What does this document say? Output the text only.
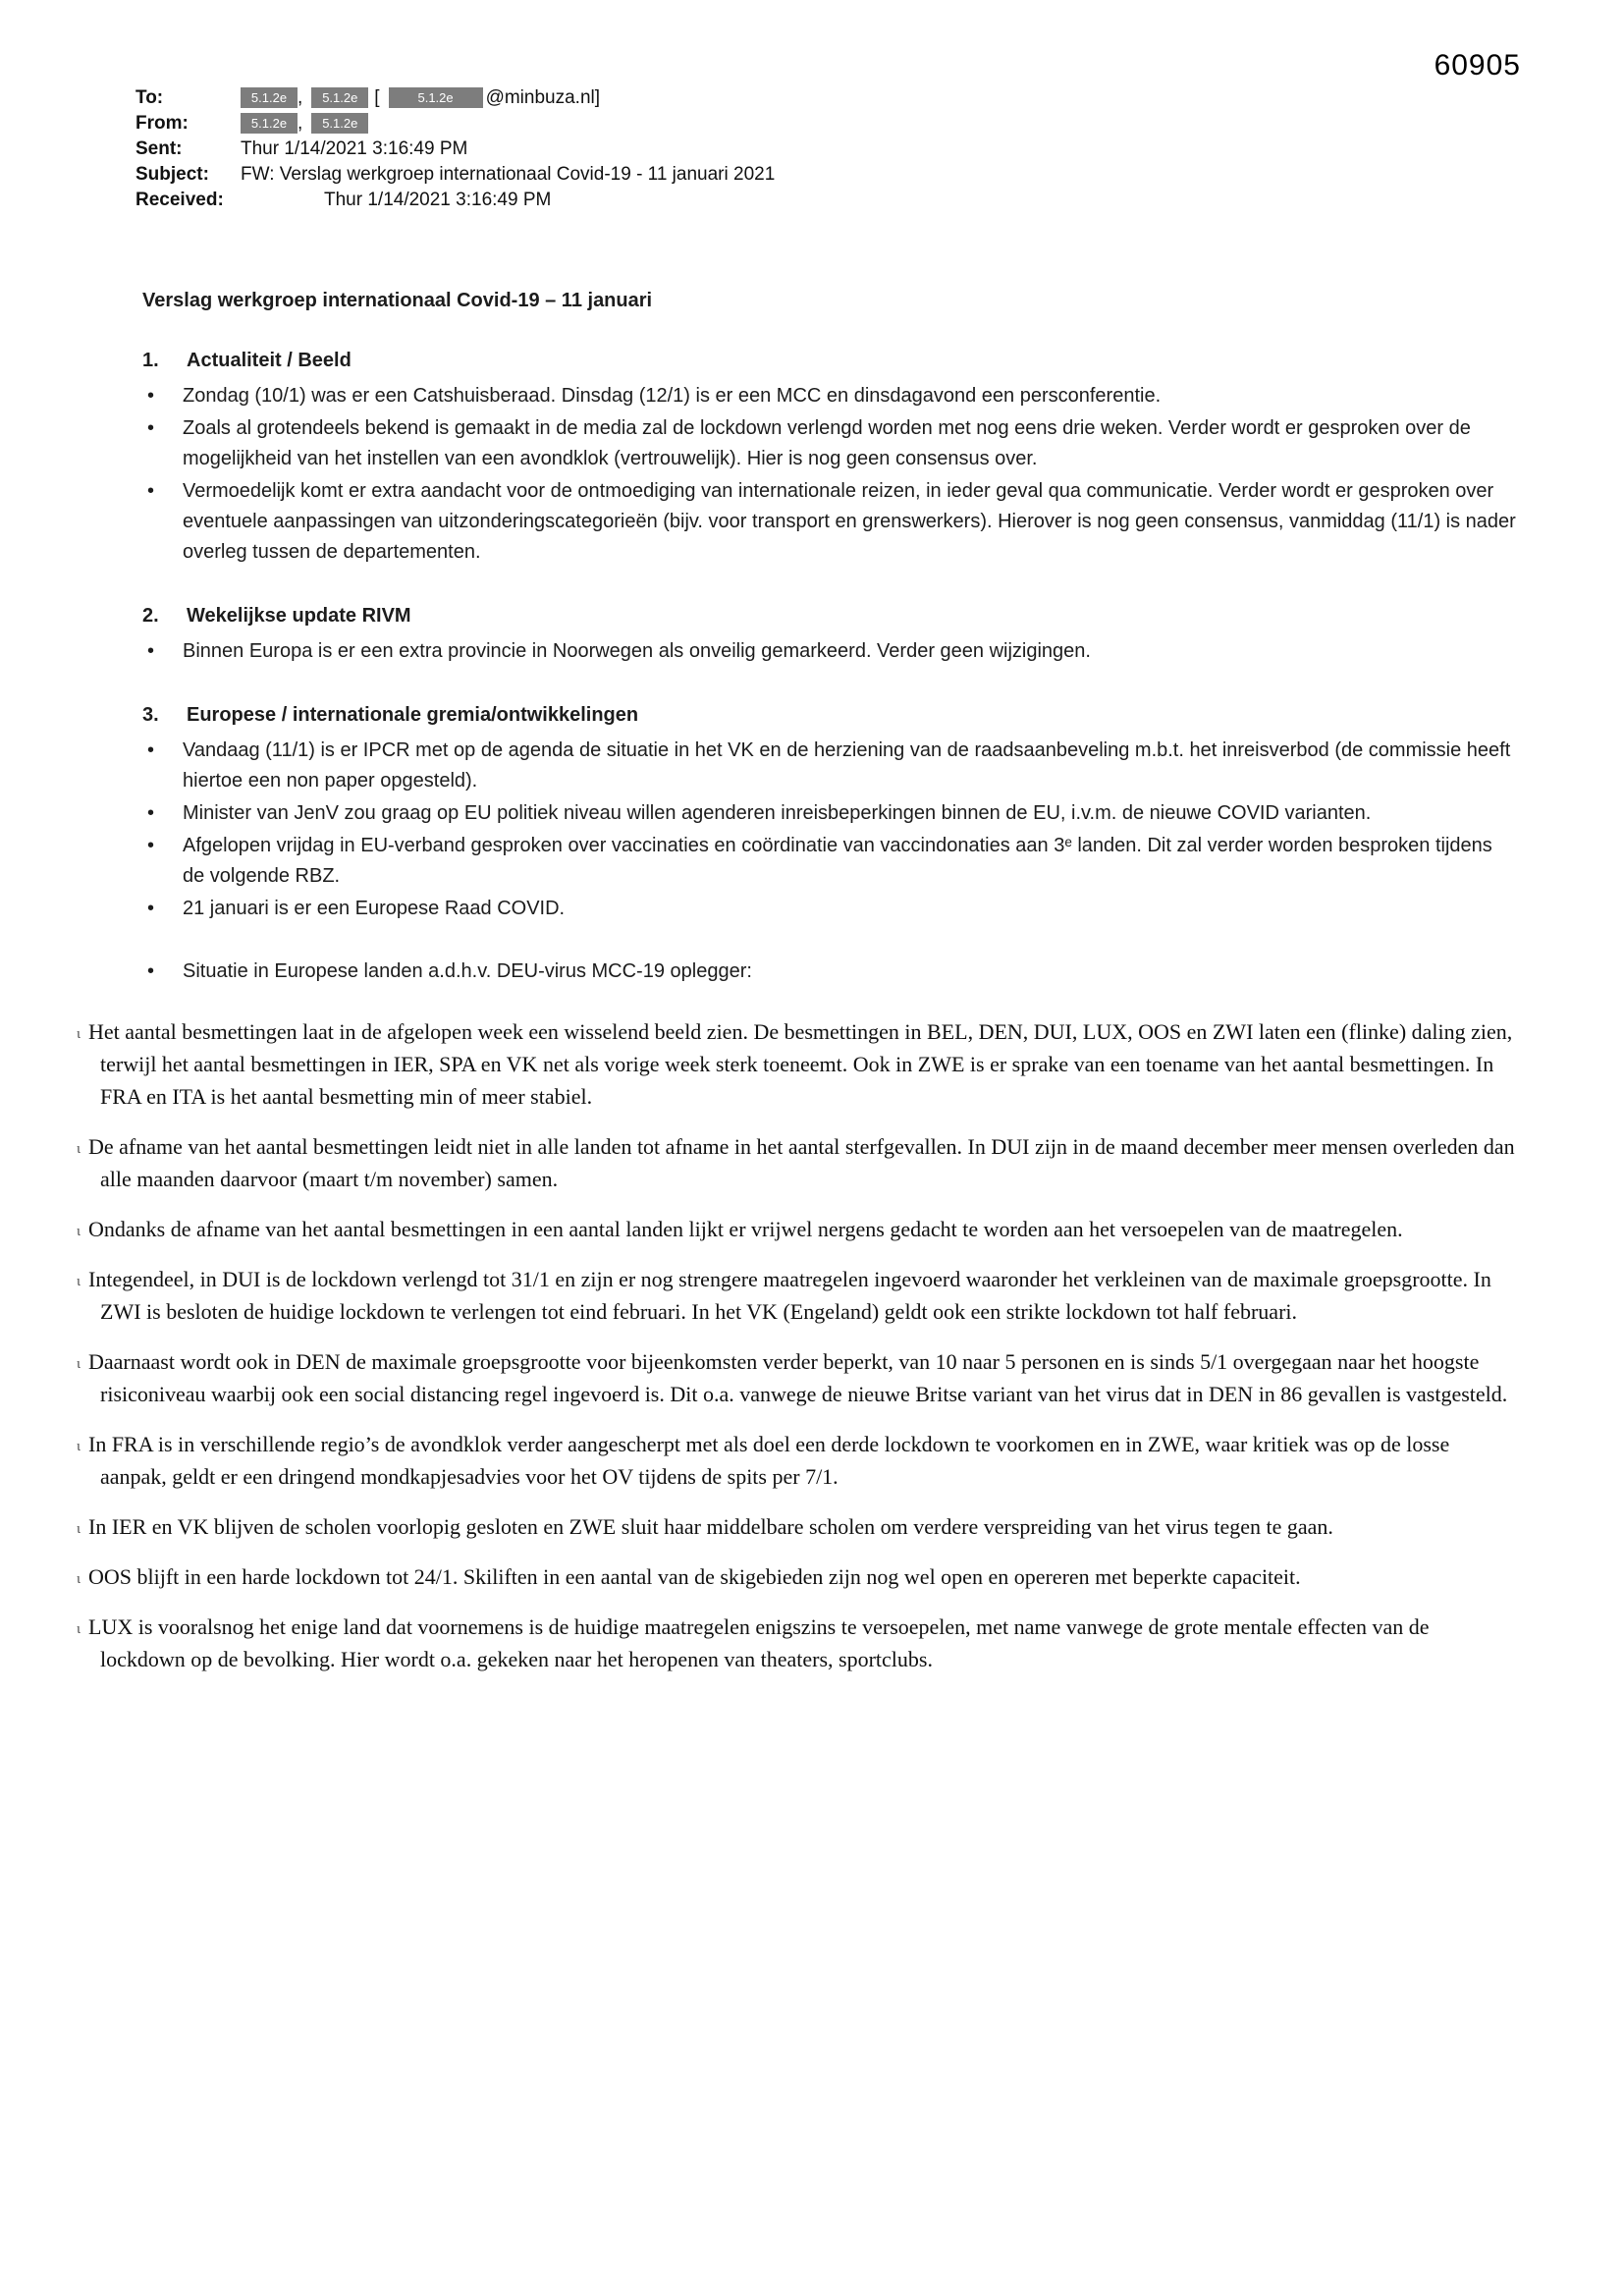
60905
To:	5.1.2e , 5.1.2e [	5.1.2e @minbuza.nl]
From:	5.1.2e , 5.1.2e
Sent:	Thur 1/14/2021 3:16:49 PM
Subject:	FW: Verslag werkgroep internationaal Covid-19 - 11 januari 2021
Received:	Thur 1/14/2021 3:16:49 PM
Verslag werkgroep internationaal Covid-19 – 11 januari
1.	Actualiteit / Beeld
• Zondag (10/1) was er een Catshuisberaad. Dinsdag (12/1) is er een MCC en dinsdagavond een persconferentie.
• Zoals al grotendeels bekend is gemaakt in de media zal de lockdown verlengd worden met nog eens drie weken. Verder wordt er gesproken over de mogelijkheid van het instellen van een avondklok (vertrouwelijk). Hier is nog geen consensus over.
• Vermoedelijk komt er extra aandacht voor de ontmoediging van internationale reizen, in ieder geval qua communicatie. Verder wordt er gesproken over eventuele aanpassingen van uitzonderingscategorieën (bijv. voor transport en grenswerkers). Hierover is nog geen consensus, vanmiddag (11/1) is nader overleg tussen de departementen.
2.	Wekelijkse update RIVM
• Binnen Europa is er een extra provincie in Noorwegen als onveilig gemarkeerd. Verder geen wijzigingen.
3.	Europese / internationale gremia/ontwikkelingen
• Vandaag (11/1) is er IPCR met op de agenda de situatie in het VK en de herziening van de raadsaanbeveling m.b.t. het inreisverbod (de commissie heeft hiertoe een non paper opgesteld).
• Minister van JenV zou graag op EU politiek niveau willen agenderen inreisbeperkingen binnen de EU, i.v.m. de nieuwe COVID varianten.
• Afgelopen vrijdag in EU-verband gesproken over vaccinaties en coördinatie van vaccindonaties aan 3ᵉ landen. Dit zal verder worden besproken tijdens de volgende RBZ.
• 21 januari is er een Europese Raad COVID.
• Situatie in Europese landen a.d.h.v. DEU-virus MCC-19 oplegger:
ι Het aantal besmettingen laat in de afgelopen week een wisselend beeld zien. De besmettingen in BEL, DEN, DUI, LUX, OOS en ZWI laten een (flinke) daling zien, terwijl het aantal besmettingen in IER, SPA en VK net als vorige week sterk toeneemt. Ook in ZWE is er sprake van een toename van het aantal besmettingen. In FRA en ITA is het aantal besmetting min of meer stabiel.
ι De afname van het aantal besmettingen leidt niet in alle landen tot afname in het aantal sterfgevallen. In DUI zijn in de maand december meer mensen overleden dan alle maanden daarvoor (maart t/m november) samen.
ι Ondanks de afname van het aantal besmettingen in een aantal landen lijkt er vrijwel nergens gedacht te worden aan het versoepelen van de maatregelen.
ι Integendeel, in DUI is de lockdown verlengd tot 31/1 en zijn er nog strengere maatregelen ingevoerd waaronder het verkleinen van de maximale groepsgrootte. In ZWI is besloten de huidige lockdown te verlengen tot eind februari. In het VK (Engeland) geldt ook een strikte lockdown tot half februari.
ι Daarnaast wordt ook in DEN de maximale groepsgrootte voor bijeenkomsten verder beperkt, van 10 naar 5 personen en is sinds 5/1 overgegaan naar het hoogste risiconiveau waarbij ook een social distancing regel ingevoerd is. Dit o.a. vanwege de nieuwe Britse variant van het virus dat in DEN in 86 gevallen is vastgesteld.
ι In FRA is in verschillende regio’s de avondklok verder aangescherpt met als doel een derde lockdown te voorkomen en in ZWE, waar kritiek was op de losse aanpak, geldt er een dringend mondkapjesadvies voor het OV tijdens de spits per 7/1.
ι In IER en VK blijven de scholen voorlopig gesloten en ZWE sluit haar middelbare scholen om verdere verspreiding van het virus tegen te gaan.
ι OOS blijft in een harde lockdown tot 24/1. Skiliften in een aantal van de skigebieden zijn nog wel open en opereren met beperkte capaciteit.
ι LUX is vooralsnog het enige land dat voornemens is de huidige maatregelen enigszins te versoepelen, met name vanwege de grote mentale effecten van de lockdown op de bevolking. Hier wordt o.a. gekeken naar het heropenen van theaters, sportclubs.
